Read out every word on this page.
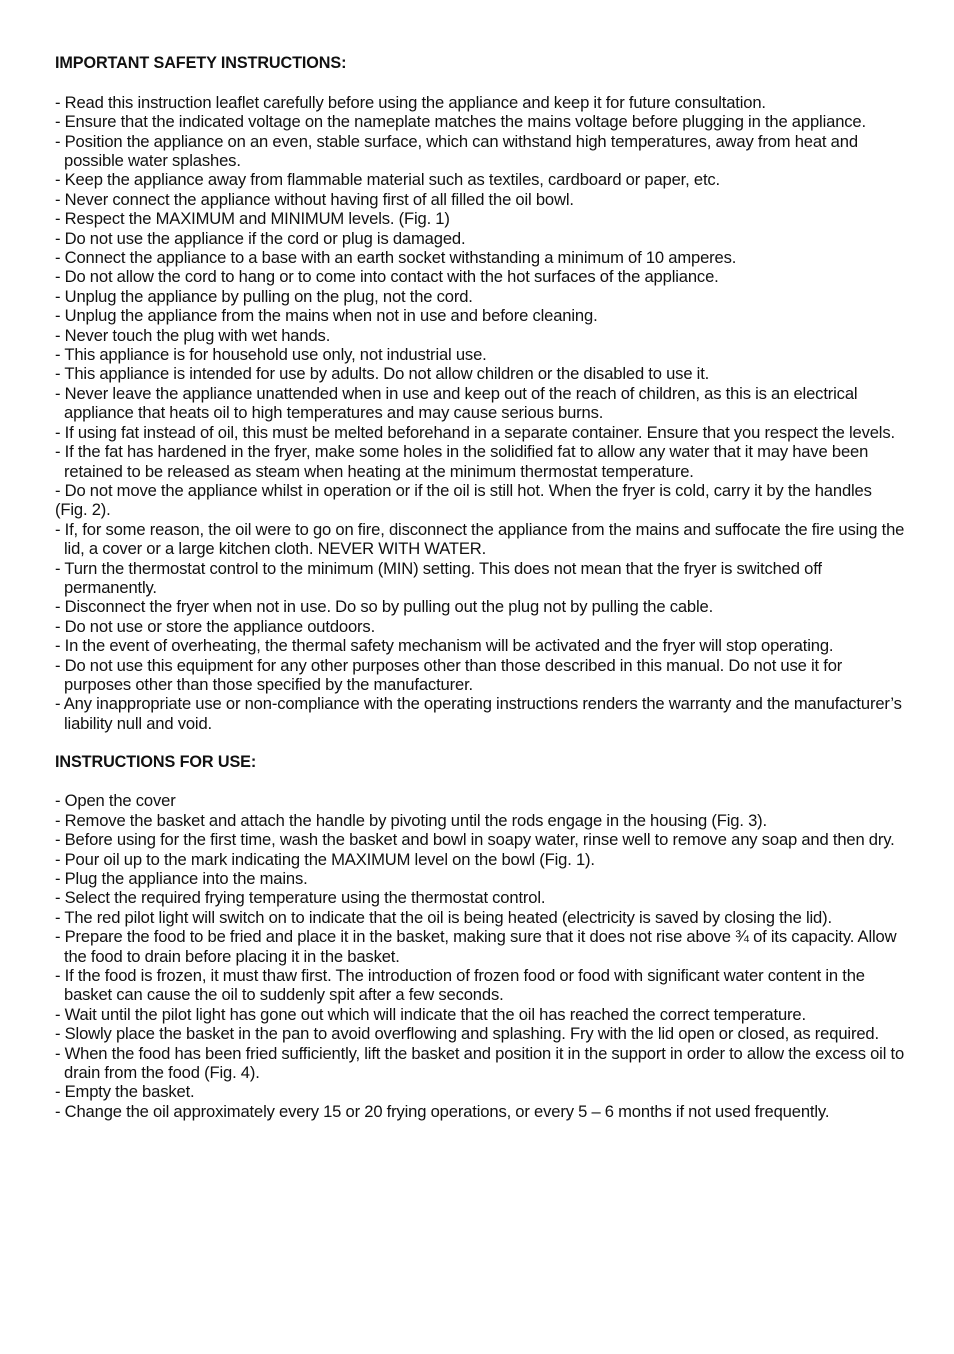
IMPORTANT SAFETY INSTRUCTIONS:
- Read this instruction leaflet carefully before using the appliance and keep it for future consultation.
- Ensure that the indicated voltage on the nameplate matches the mains voltage before plugging in the appliance.
- Position the appliance on an even, stable surface, which can withstand high temperatures, away from heat and possible water splashes.
- Keep the appliance away from flammable material such as textiles, cardboard or paper, etc.
- Never connect the appliance without having first of all filled the oil bowl.
- Respect the MAXIMUM and MINIMUM levels. (Fig. 1)
- Do not use the appliance if the cord or plug is damaged.
- Connect the appliance to a base with an earth socket withstanding a minimum of 10 amperes.
- Do not allow the cord to hang or to come into contact with the hot surfaces of the appliance.
- Unplug the appliance by pulling on the plug, not the cord.
- Unplug the appliance from the mains when not in use and before cleaning.
- Never touch the plug with wet hands.
- This appliance is for household use only, not industrial use.
- This appliance is intended for use by adults. Do not allow children or the disabled to use it.
- Never leave the appliance unattended when in use and keep out of the reach of children, as this is an electrical appliance that heats oil to high temperatures and may cause serious burns.
- If using fat instead of oil, this must be melted beforehand in a separate container. Ensure that you respect the levels.
- If the fat has hardened in the fryer, make some holes in the solidified fat to allow any water that it may have been retained to be released as steam when heating at the minimum thermostat temperature.
- Do not move the appliance whilst in operation or if the oil is still hot. When the fryer is cold, carry it by the handles
(Fig. 2).
- If, for some reason, the oil were to go on fire, disconnect the appliance from the mains and suffocate the fire using the lid, a cover or a large kitchen cloth. NEVER WITH WATER.
- Turn the thermostat control to the minimum (MIN) setting. This does not mean that the fryer is switched off permanently.
- Disconnect the fryer when not in use. Do so by pulling out the plug not by pulling the cable.
- Do not use or store the appliance outdoors.
- In the event of overheating, the thermal safety mechanism will be activated and the fryer will stop operating.
- Do not use this equipment for any other purposes other than those described in this manual. Do not use it for purposes other than those specified by the manufacturer.
- Any inappropriate use or non-compliance with the operating instructions renders the warranty and the manufacturer’s liability null and void.
INSTRUCTIONS FOR USE:
- Open the cover
- Remove the basket and attach the handle by pivoting until the rods engage in the housing (Fig. 3).
- Before using for the first time, wash the basket and bowl in soapy water, rinse well to remove any soap and then dry.
- Pour oil up to the mark indicating the MAXIMUM level on the bowl (Fig. 1).
- Plug the appliance into the mains.
- Select the required frying temperature using the thermostat control.
- The red pilot light will switch on to indicate that the oil is being heated (electricity is saved by closing the lid).
- Prepare the food to be fried and place it in the basket, making sure that it does not rise above ¾ of its capacity. Allow the food to drain before placing it in the basket.
- If the food is frozen, it must thaw first. The introduction of frozen food or food with significant water content in the basket can cause the oil to suddenly spit after a few seconds.
- Wait until the pilot light has gone out which will indicate that the oil has reached the correct temperature.
- Slowly place the basket in the pan to avoid overflowing and splashing. Fry with the lid open or closed, as required.
- When the food has been fried sufficiently, lift the basket and position it in the support in order to allow the excess oil to drain from the food (Fig. 4).
- Empty the basket.
- Change the oil approximately every 15 or 20 frying operations, or every 5 – 6 months if not used frequently.
